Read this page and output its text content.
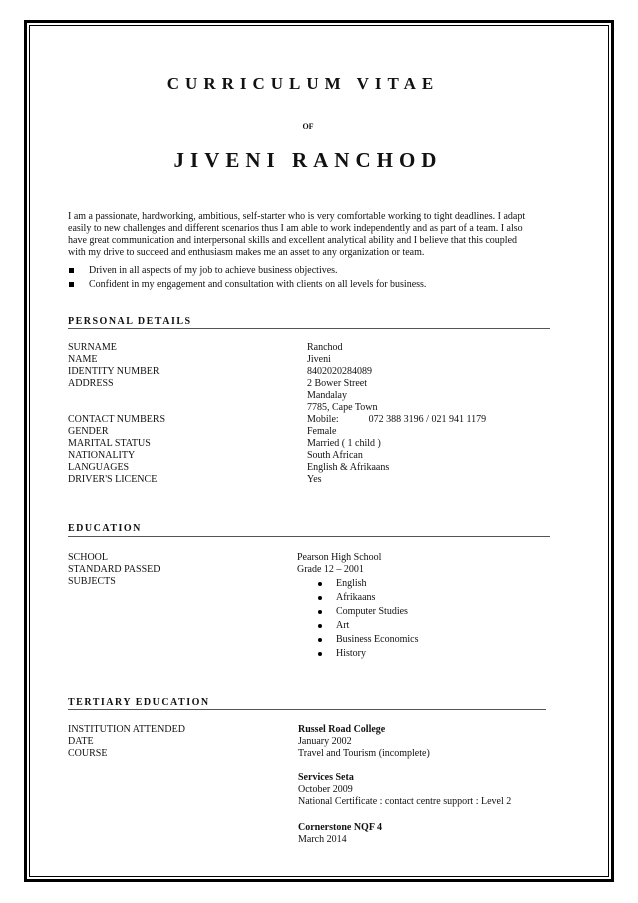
CURRICULUM VITAE
OF
JIVENI RANCHOD
I am a passionate, hardworking, ambitious, self-starter who is very comfortable working to tight deadlines. I adapt
easily to new challenges and different scenarios thus I am able to work independently and as part of a team. I also
have great communication and interpersonal skills and excellent analytical ability and I believe that this coupled
with my drive to succeed and enthusiasm makes me an asset to any organization or team.
Driven in all aspects of my job to achieve business objectives.
Confident in my engagement and consultation with clients on all levels for business.
PERSONAL DETAILS
SURNAME
NAME
IDENTITY NUMBER
ADDRESS
CONTACT NUMBERS
GENDER
MARITAL STATUS
NATIONALITY
LANGUAGES
DRIVER'S LICENCE
Ranchod
Jiveni
8402020284089
2 Bower Street
Mandalay
7785, Cape Town
Mobile:	072 388 3196 / 021 941 1179
Female
Married ( 1 child )
South African
English & Afrikaans
Yes
EDUCATION
SCHOOL
STANDARD PASSED
SUBJECTS
Pearson High School
Grade 12 – 2001
English
Afrikaans
Computer Studies
Art
Business Economics
History
TERTIARY EDUCATION
INSTITUTION ATTENDED
DATE
COURSE
Russel Road College
January 2002
Travel and Tourism (incomplete)
Services Seta
October 2009
National Certificate : contact centre support : Level 2
Cornerstone NQF 4
March 2014
